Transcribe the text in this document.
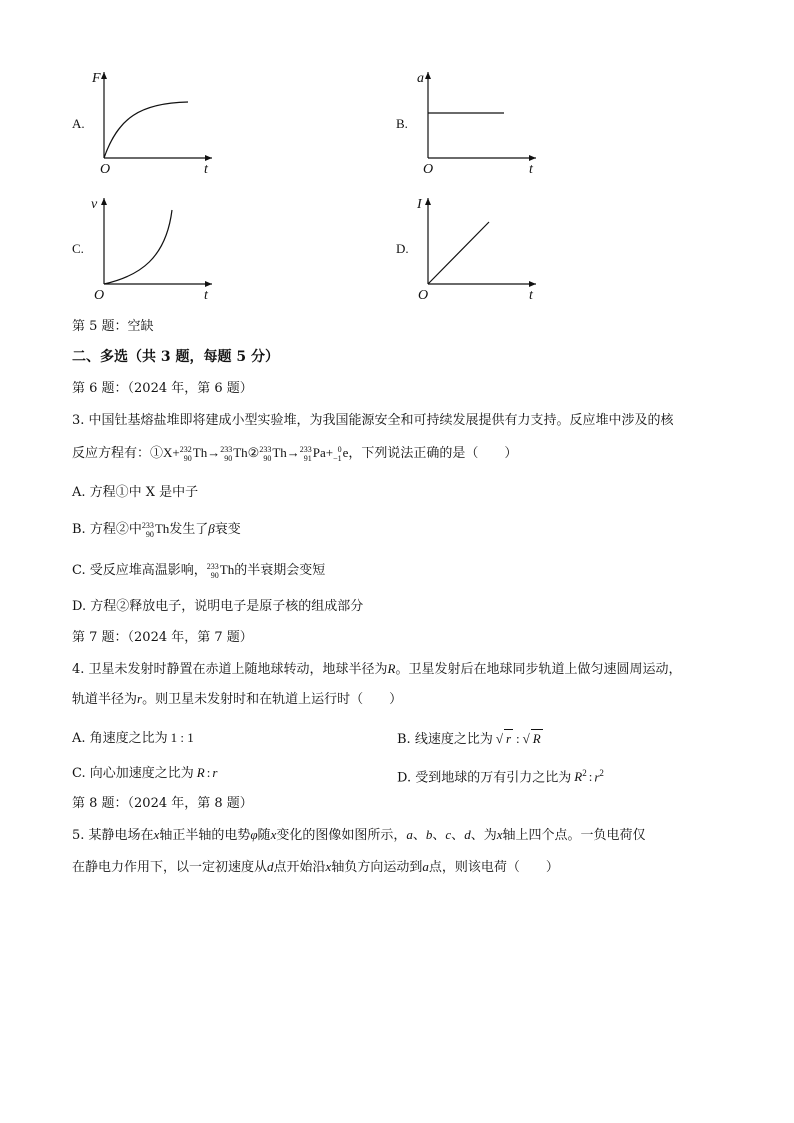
A.	B.
C.	D.
F
t
O
a
t
O
v
t
O
I
t
O
第 5 题：空缺
二、多选（共 3 题，每题 5 分）
第 6 题：（2024 年，第 6 题）
3. 中国钍基熔盐堆即将建成小型实验堆，为我国能源安全和可持续发展提供有力支持。反应堆中涉及的核
反应方程有：①X+ 232
90 Th→ 233
90 Th② 233
90 Th→ 233
91 Pa+ 0
−1 e，下列说法正确的是（　　）
A. 方程①中 X 是中子
B. 方程②中 233
90 Th发生了β衰变
C. 受反应堆高温影响， 233
90 Th的半衰期会变短
D. 方程②释放电子，说明电子是原子核的组成部分
第 7 题：（2024 年，第 7 题）
4. 卫星未发射时静置在赤道上随地球转动，地球半径为R。卫星发射后在地球同步轨道上做匀速圆周运动，
轨道半径为r。则卫星未发射时和在轨道上运行时（　　）
A. 角速度之比为 1 : 1	B. 线速度之比为 √ r : √ R
C. 向心加速度之比为 R : r	D. 受到地球的万有引力之比为 $R^2$ : $r^2$
第 8 题：（2024 年，第 8 题）
5. 某静电场在x轴正半轴的电势φ随x变化的图像如图所示，a、b、c、d、为x轴上四个点。一负电荷仅
在静电力作用下，以一定初速度从d点开始沿x轴负方向运动到a点，则该电荷（　　）
